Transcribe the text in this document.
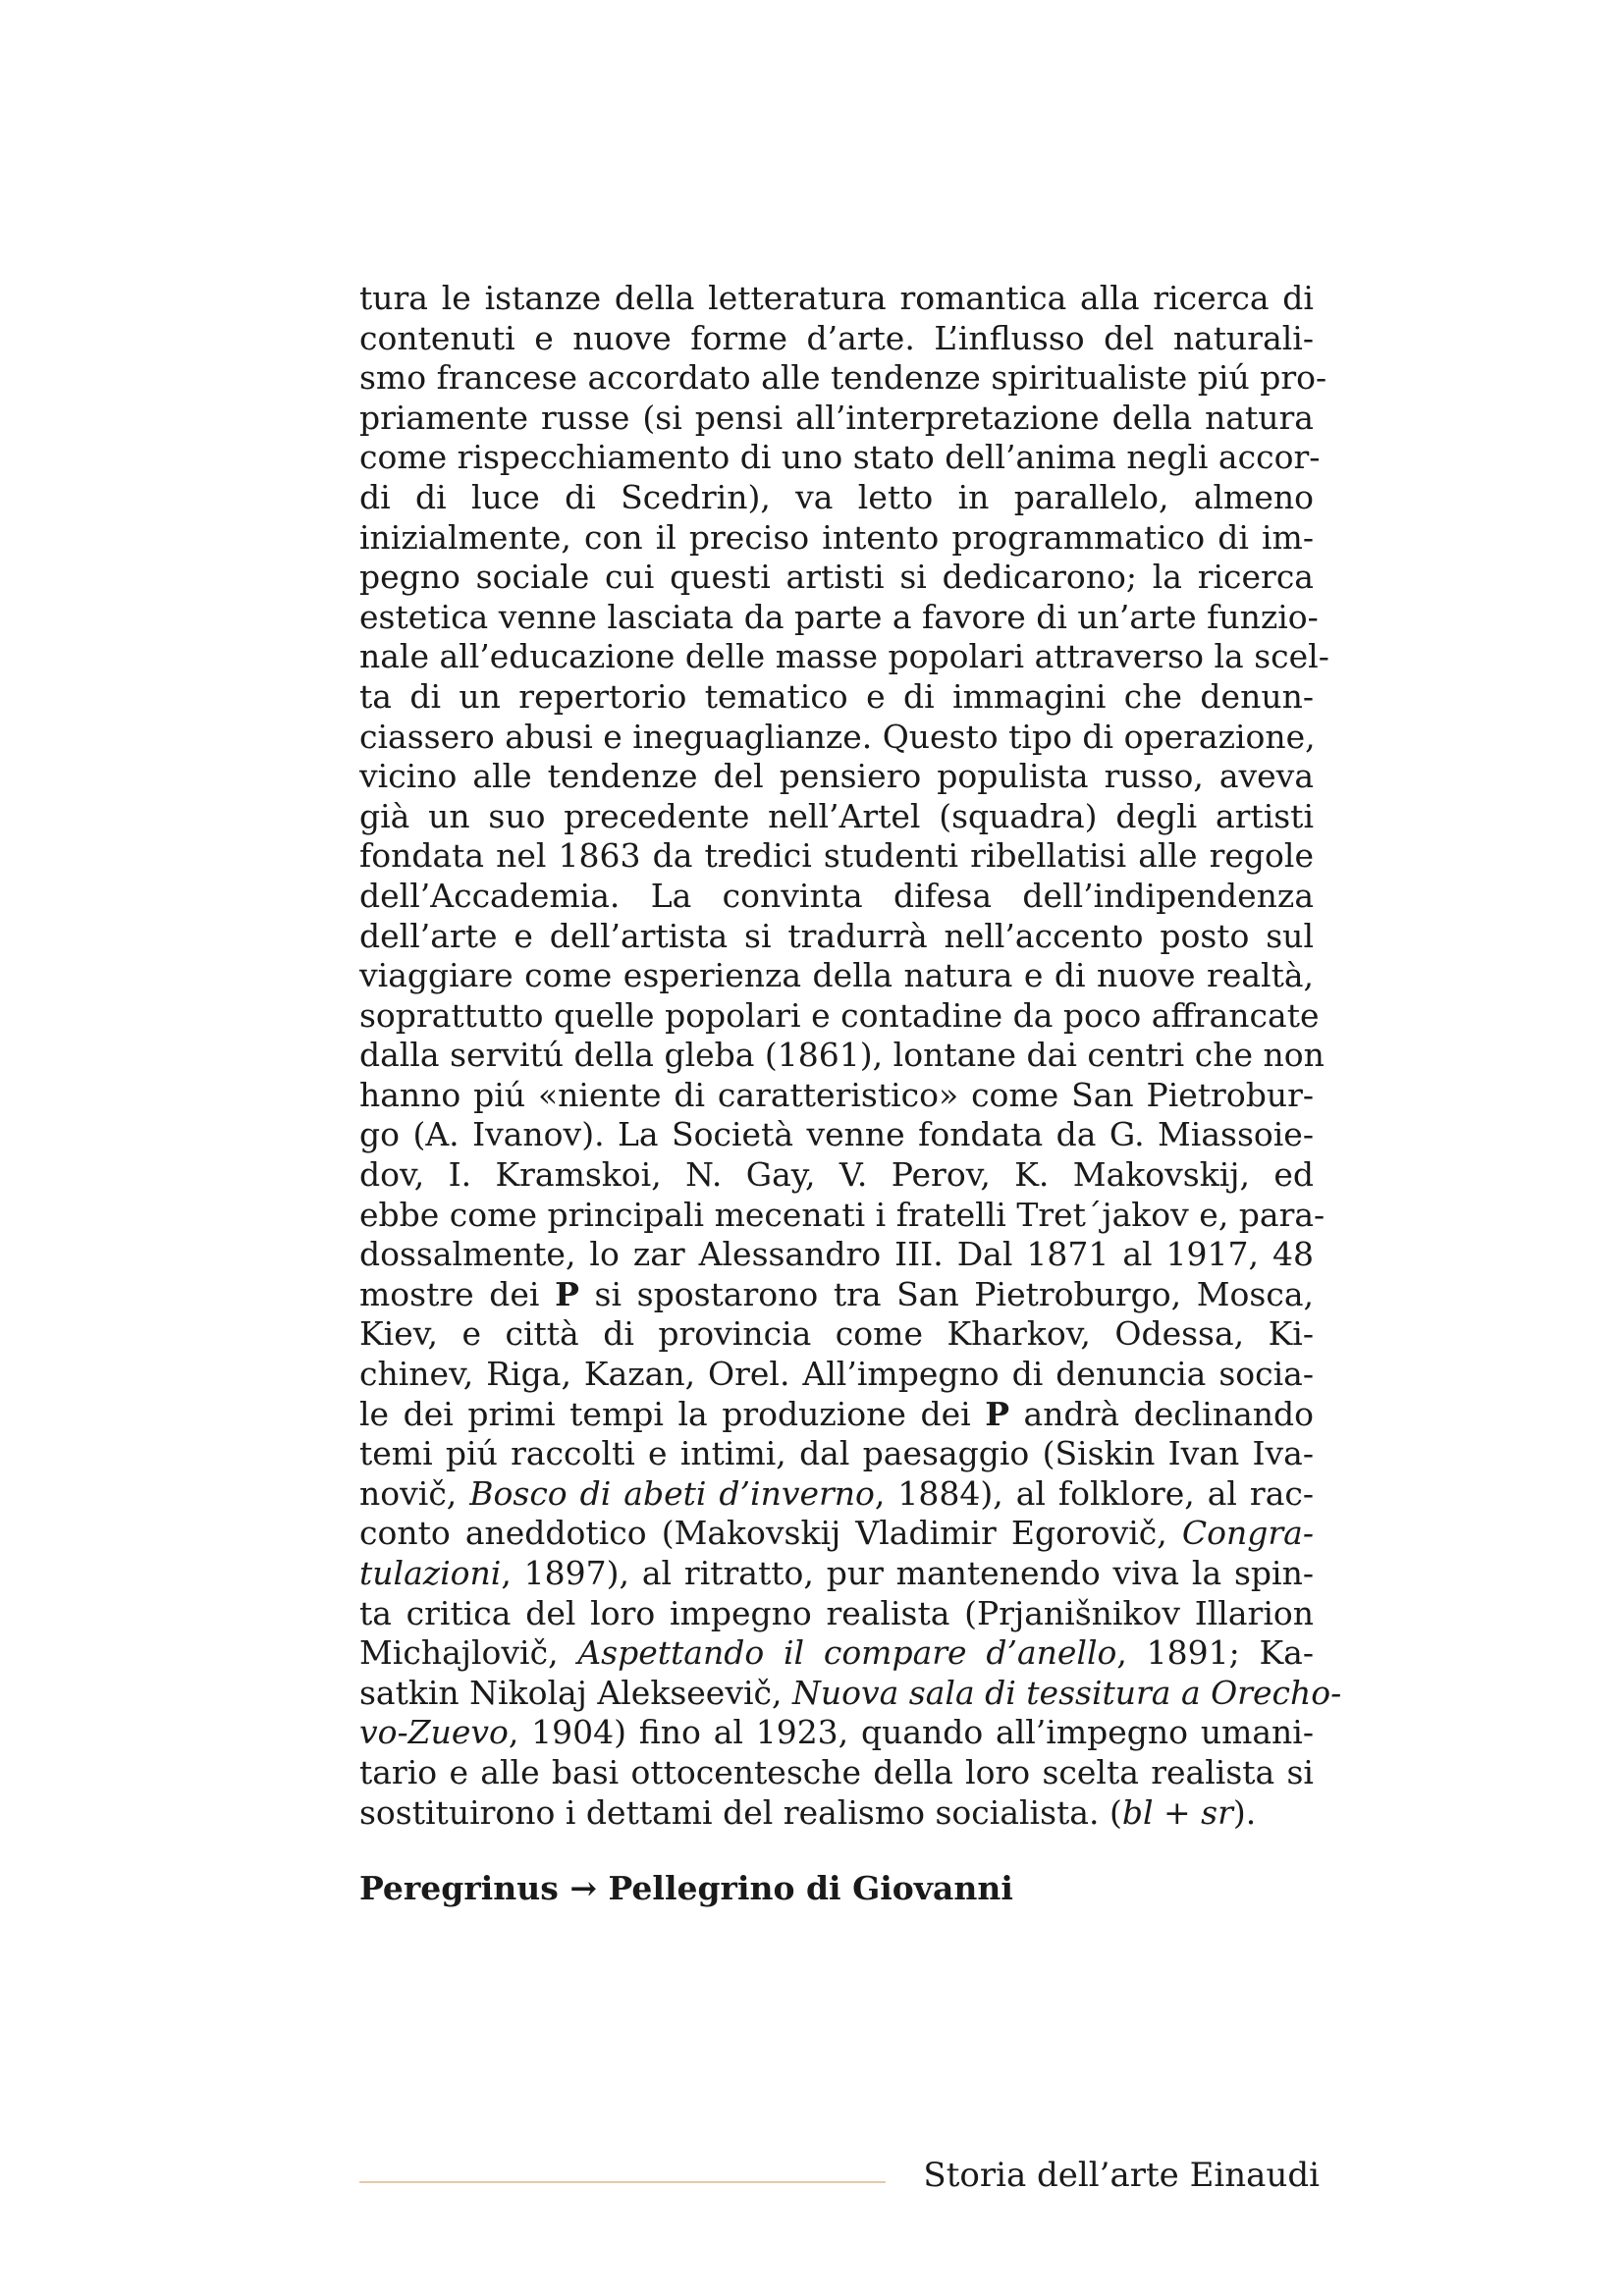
tura le istanze della letteratura romantica alla ricerca di
contenuti e nuove forme d’arte. L’influsso del naturali-
smo francese accordato alle tendenze spiritualiste piú pro-
priamente russe (si pensi all’interpretazione della natura
come rispecchiamento di uno stato dell’anima negli accor-
di di luce di Scedrin), va letto in parallelo, almeno
inizialmente, con il preciso intento programmatico di im-
pegno sociale cui questi artisti si dedicarono; la ricerca
estetica venne lasciata da parte a favore di un’arte funzio-
nale all’educazione delle masse popolari attraverso la scel-
ta di un repertorio tematico e di immagini che denun-
ciassero abusi e ineguaglianze. Questo tipo di operazione,
vicino alle tendenze del pensiero populista russo, aveva
già un suo precedente nell’Artel (squadra) degli artisti
fondata nel 1863 da tredici studenti ribellatisi alle regole
dell’Accademia. La convinta difesa dell’indipendenza
dell’arte e dell’artista si tradurrà nell’accento posto sul
viaggiare come esperienza della natura e di nuove realtà,
soprattutto quelle popolari e contadine da poco affrancate
dalla servitú della gleba (1861), lontane dai centri che non
hanno piú «niente di caratteristico» come San Pietrobur-
go (A. Ivanov). La Società venne fondata da G. Miassoie-
dov, I. Kramskoi, N. Gay, V. Perov, K. Makovskij, ed
ebbe come principali mecenati i fratelli Tret´jakov e, para-
dossalmente, lo zar Alessandro III. Dal 1871 al 1917, 48
mostre dei P si spostarono tra San Pietroburgo, Mosca,
Kiev, e città di provincia come Kharkov, Odessa, Ki-
chinev, Riga, Kazan, Orel. All’impegno di denuncia socia-
le dei primi tempi la produzione dei P andrà declinando
temi piú raccolti e intimi, dal paesaggio (Siskin Ivan Iva-
novič, Bosco di abeti d’inverno, 1884), al folklore, al rac-
conto aneddotico (Makovskij Vladimir Egorovič, Congra-
tulazioni, 1897), al ritratto, pur mantenendo viva la spin-
ta critica del loro impegno realista (Prjanišnikov Illarion
Michajlovič, Aspettando il compare d’anello, 1891; Ka-
satkin Nikolaj Alekseevič, Nuova sala di tessitura a Orecho-
vo-Zuevo, 1904) fino al 1923, quando all’impegno umani-
tario e alle basi ottocentesche della loro scelta realista si
sostituirono i dettami del realismo socialista. (bl + sr).
Peregrinus → Pellegrino di Giovanni
Storia dell’arte Einaudi
